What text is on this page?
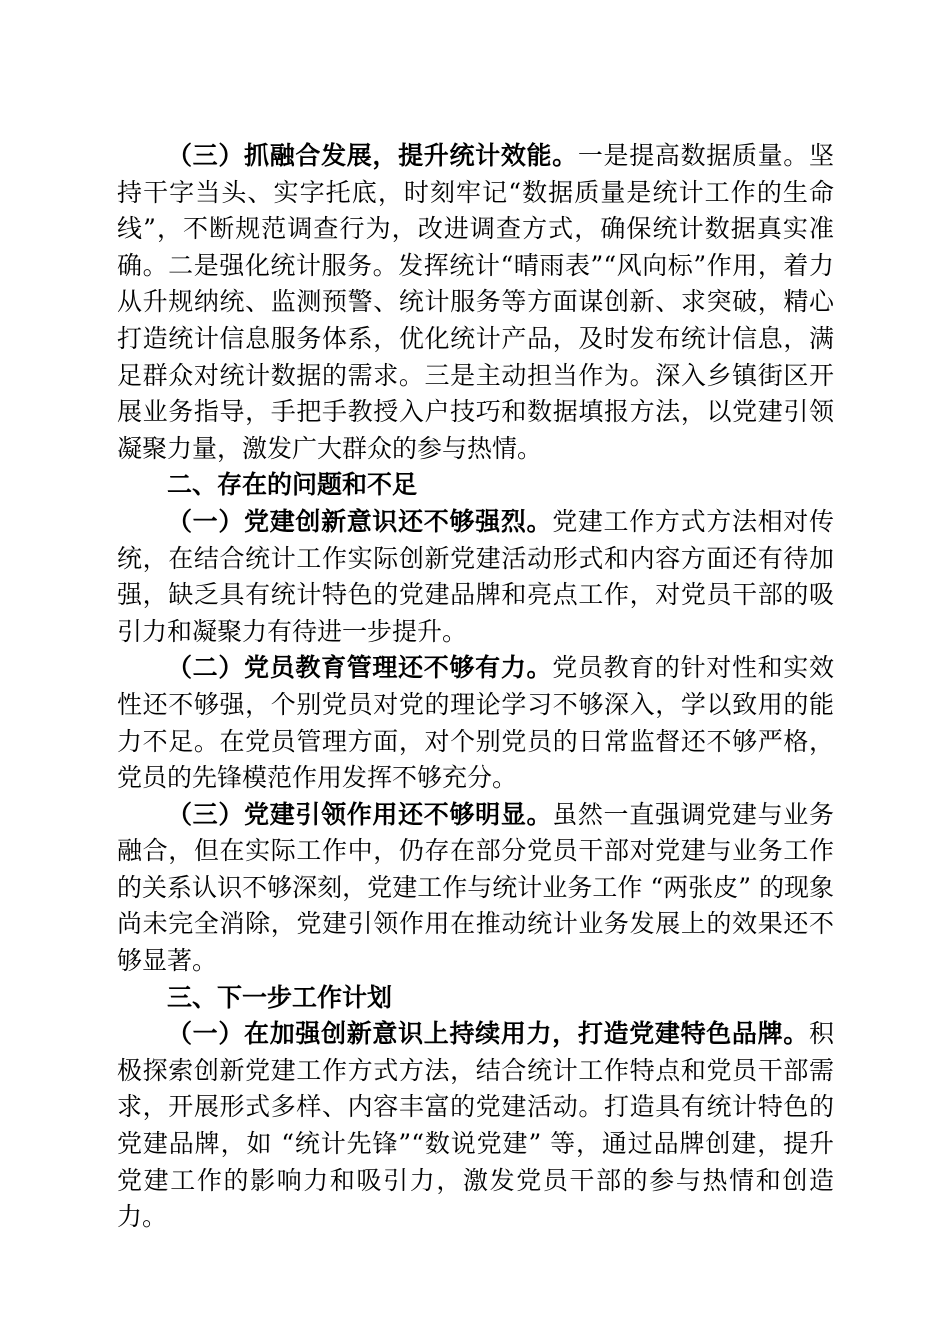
（三）抓融合发展，提升统计效能。一是提高数据质量。坚持干字当头、实字托底，时刻牢记“数据质量是统计工作的生命线”，不断规范调查行为，改进调查方式，确保统计数据真实准确。二是强化统计服务。发挥统计“晴雨表”“风向标”作用，着力从升规纳统、监测预警、统计服务等方面谋创新、求突破，精心打造统计信息服务体系，优化统计产品，及时发布统计信息，满足群众对统计数据的需求。三是主动担当作为。深入乡镇街区开展业务指导，手把手教授入户技巧和数据填报方法，以党建引领凝聚力量，激发广大群众的参与热情。

二、存在的问题和不足

（一）党建创新意识还不够强烈。党建工作方式方法相对传统，在结合统计工作实际创新党建活动形式和内容方面还有待加强，缺乏具有统计特色的党建品牌和亮点工作，对党员干部的吸引力和凝聚力有待进一步提升。

（二）党员教育管理还不够有力。党员教育的针对性和实效性还不够强，个别党员对党的理论学习不够深入，学以致用的能力不足。在党员管理方面，对个别党员的日常监督还不够严格，党员的先锋模范作用发挥不够充分。

（三）党建引领作用还不够明显。虽然一直强调党建与业务融合，但在实际工作中，仍存在部分党员干部对党建与业务工作的关系认识不够深刻，党建工作与统计业务工作 “两张皮” 的现象尚未完全消除，党建引领作用在推动统计业务发展上的效果还不够显著。

三、下一步工作计划

（一）在加强创新意识上持续用力，打造党建特色品牌。积极探索创新党建工作方式方法，结合统计工作特点和党员干部需求，开展形式多样、内容丰富的党建活动。打造具有统计特色的党建品牌，如 “统计先锋”“数说党建” 等，通过品牌创建，提升党建工作的影响力和吸引力，激发党员干部的参与热情和创造力。
